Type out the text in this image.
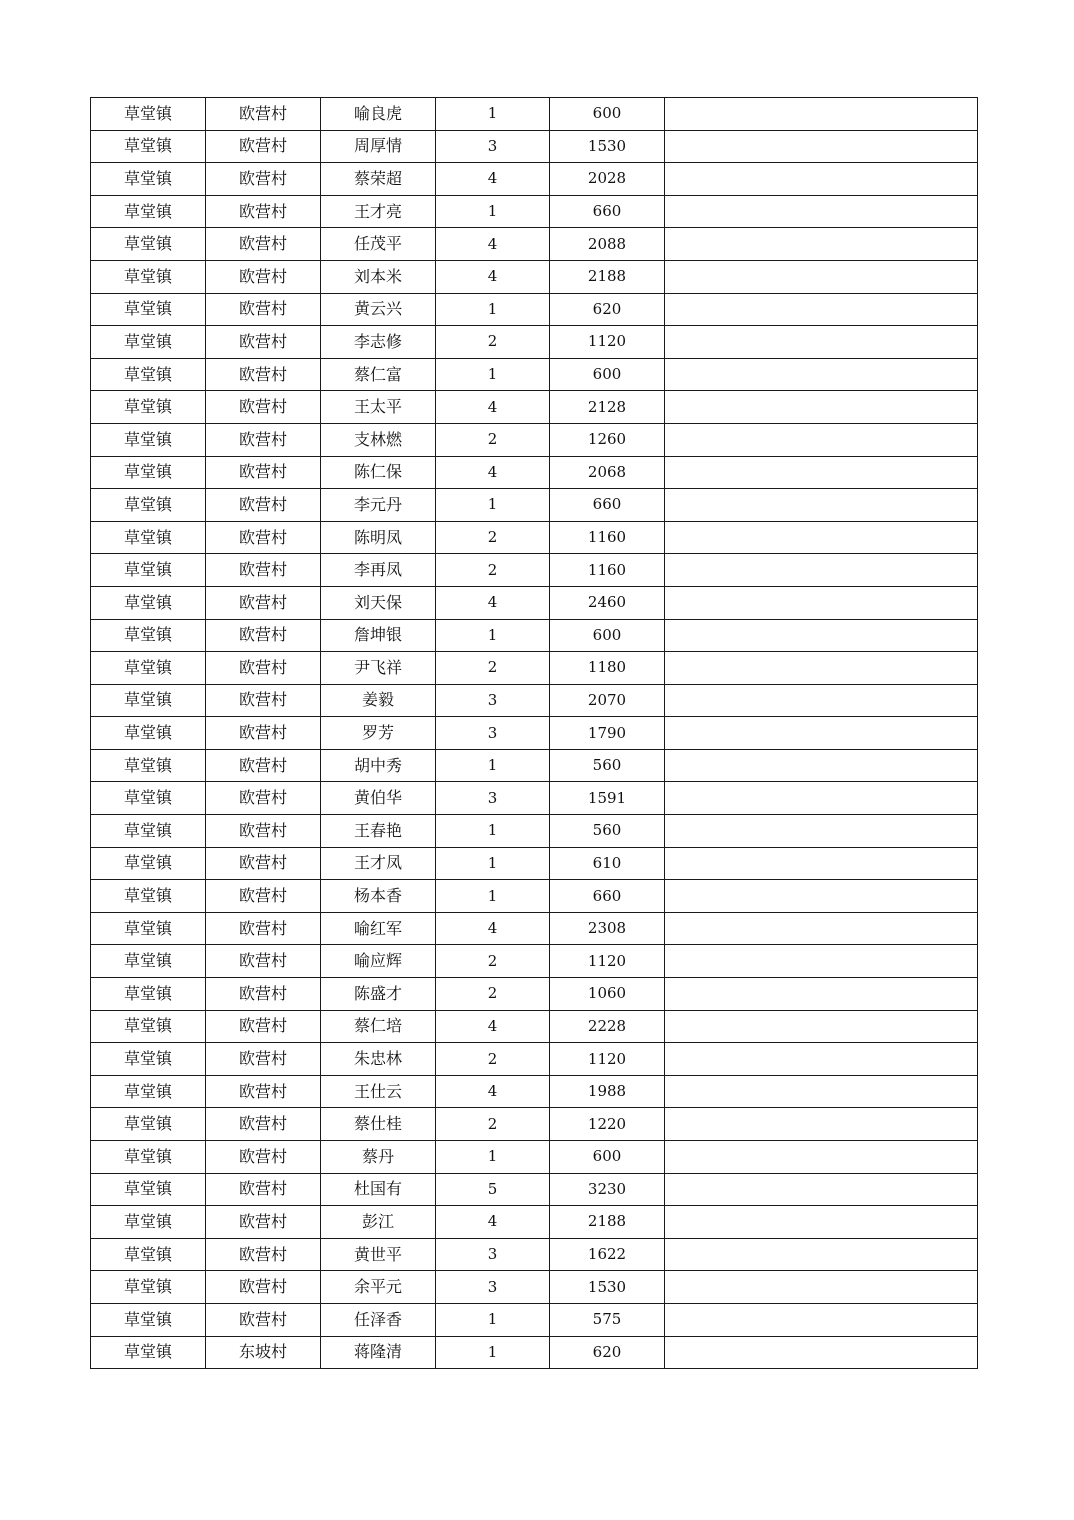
草堂镇	欧营村	喻良虎	1	600	
草堂镇	欧营村	周厚情	3	1530	
草堂镇	欧营村	蔡荣超	4	2028	
草堂镇	欧营村	王才亮	1	660	
草堂镇	欧营村	任茂平	4	2088	
草堂镇	欧营村	刘本米	4	2188	
草堂镇	欧营村	黄云兴	1	620	
草堂镇	欧营村	李志修	2	1120	
草堂镇	欧营村	蔡仁富	1	600	
草堂镇	欧营村	王太平	4	2128	
草堂镇	欧营村	支林燃	2	1260	
草堂镇	欧营村	陈仁保	4	2068	
草堂镇	欧营村	李元丹	1	660	
草堂镇	欧营村	陈明凤	2	1160	
草堂镇	欧营村	李再凤	2	1160	
草堂镇	欧营村	刘天保	4	2460	
草堂镇	欧营村	詹坤银	1	600	
草堂镇	欧营村	尹飞祥	2	1180	
草堂镇	欧营村	姜毅	3	2070	
草堂镇	欧营村	罗芳	3	1790	
草堂镇	欧营村	胡中秀	1	560	
草堂镇	欧营村	黄伯华	3	1591	
草堂镇	欧营村	王春艳	1	560	
草堂镇	欧营村	王才凤	1	610	
草堂镇	欧营村	杨本香	1	660	
草堂镇	欧营村	喻红军	4	2308	
草堂镇	欧营村	喻应辉	2	1120	
草堂镇	欧营村	陈盛才	2	1060	
草堂镇	欧营村	蔡仁培	4	2228	
草堂镇	欧营村	朱忠林	2	1120	
草堂镇	欧营村	王仕云	4	1988	
草堂镇	欧营村	蔡仕桂	2	1220	
草堂镇	欧营村	蔡丹	1	600	
草堂镇	欧营村	杜国有	5	3230	
草堂镇	欧营村	彭江	4	2188	
草堂镇	欧营村	黄世平	3	1622	
草堂镇	欧营村	余平元	3	1530	
草堂镇	欧营村	任泽香	1	575	
草堂镇	东坡村	蒋隆清	1	620	
